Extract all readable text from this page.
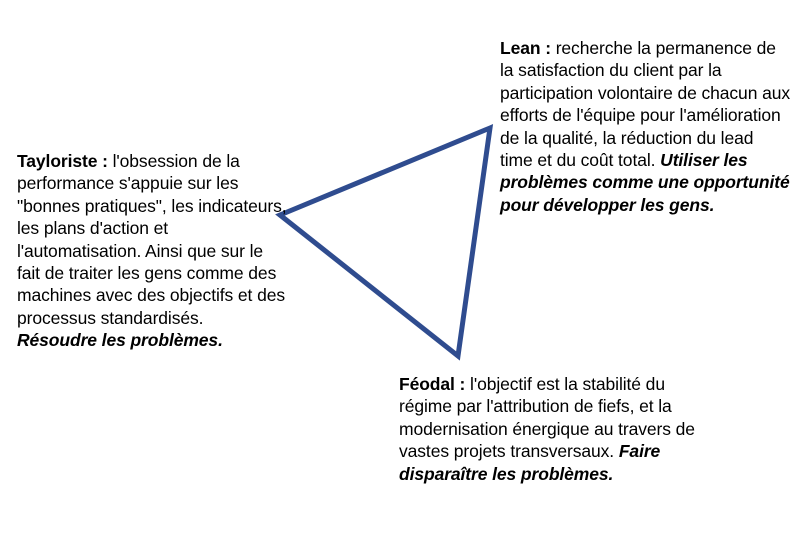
Lean : recherche la permanence de la satisfaction du client par la participation volontaire de chacun aux efforts de l'équipe pour l'amélioration de la qualité, la réduction du lead time et du coût total. Utiliser les problèmes comme une opportunité pour développer les gens.
Tayloriste : l'obsession de la performance s'appuie sur les "bonnes pratiques", les indicateurs, les plans d'action et l'automatisation. Ainsi que sur le fait de traiter les gens comme des machines avec des objectifs et des processus standardisés. Résoudre les problèmes.
Féodal : l'objectif est la stabilité du régime par l'attribution de fiefs, et la modernisation énergique au travers de vastes projets transversaux. Faire disparaître les problèmes.
